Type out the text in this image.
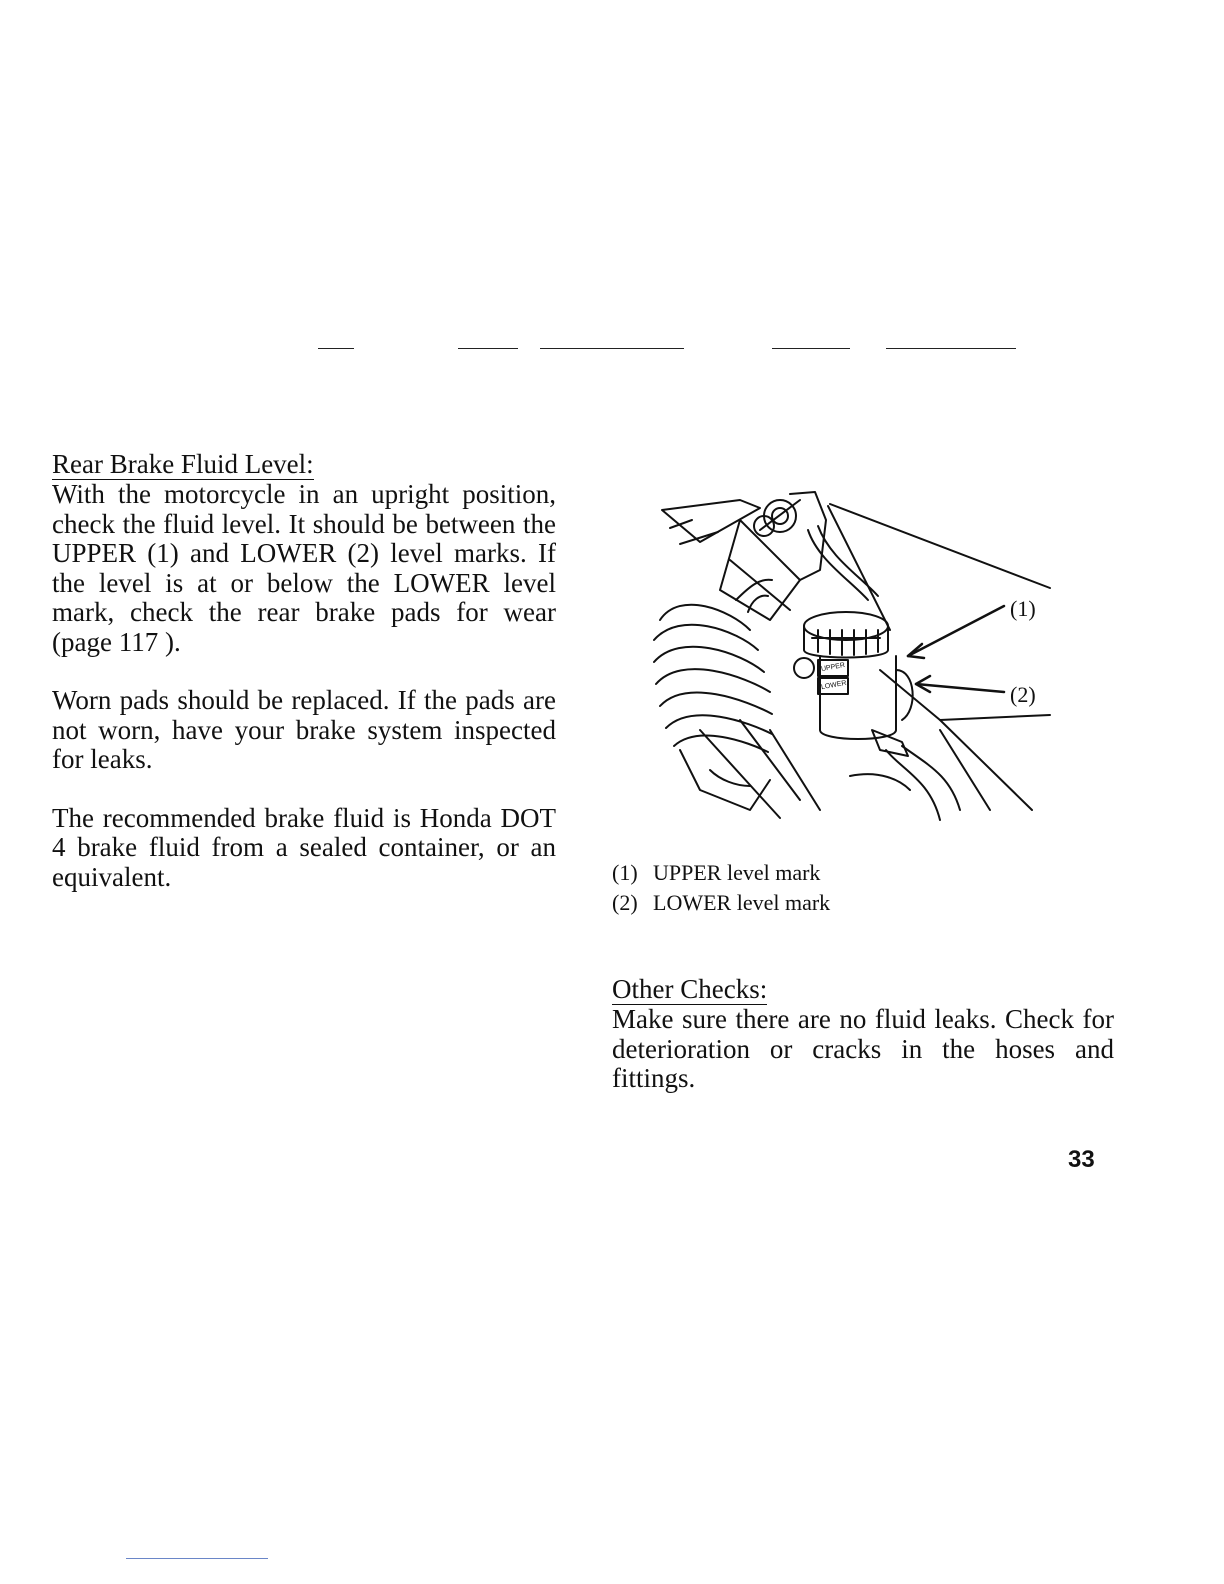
Rear Brake Fluid Level:

With the motorcycle in an upright position, check the fluid level. It should be between the UPPER (1) and LOWER (2) level marks. If the level is at or below the LOWER level mark, check the rear brake pads for wear (page 117 ).

Worn pads should be replaced. If the pads are not worn, have your brake system inspected for leaks.

The recommended brake fluid is Honda DOT 4 brake fluid from a sealed container, or an equivalent.

(1)
(2)
UPPER
LOWER
(1) UPPER level mark
(2) LOWER level mark

Other Checks:

Make sure there are no fluid leaks. Check for deterioration or cracks in the hoses and fittings.

33
